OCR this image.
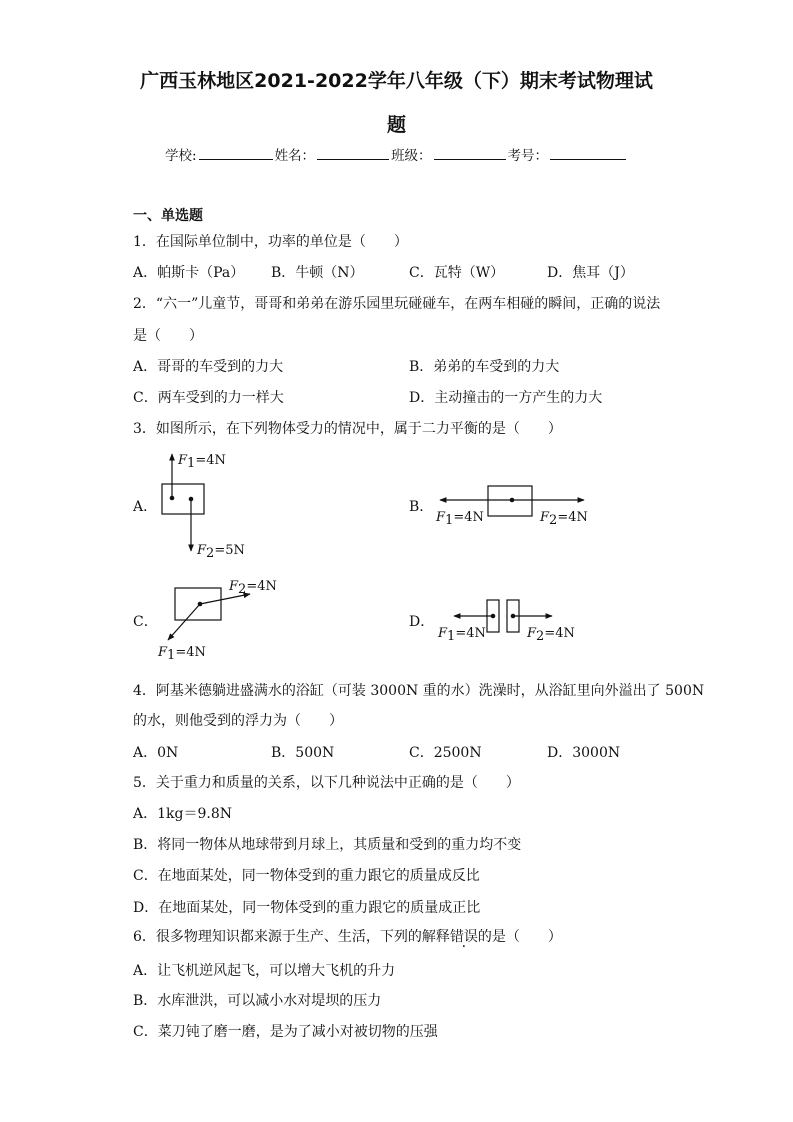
广西玉林地区2021-2022学年八年级（下）期末考试物理试
题
学校:	姓名：	班级：	考号：
一、单选题
1．在国际单位制中，功率的单位是（　　）
A．帕斯卡（Pa） B．牛顿（N）	C．瓦特（W）	D．焦耳（J）
2．“六一”儿童节，哥哥和弟弟在游乐园里玩碰碰车，在两车相碰的瞬间，正确的说法
是（　　）
A．哥哥的车受到的力大	B．弟弟的车受到的力大
C．两车受到的力一样大	D．主动撞击的一方产生的力大
3．如图所示，在下列物体受力的情况中，属于二力平衡的是（　　）
A．	B．
C．	D．
F1=4N
F2=5N
F1=4N	F2=4N
F2=4N
F1=4N
F1=4N	F2=4N
4．阿基米德躺进盛满水的浴缸（可装 3000N 重的水）洗澡时，从浴缸里向外溢出了 500N
的水，则他受到的浮力为（　　）
A．0N	B．500N	C．2500N	D．3000N
5．关于重力和质量的关系，以下几种说法中正确的是（　　）
A．1kg＝9.8N
B．将同一物体从地球带到月球上，其质量和受到的重力均不变
C．在地面某处，同一物体受到的重力跟它的质量成反比
D．在地面某处，同一物体受到的重力跟它的质量成正比
6．很多物理知识都来源于生产、生活，下列的解释错误的是（　　）
A．让飞机逆风起飞，可以增大飞机的升力
B．水库泄洪，可以减小水对堤坝的压力
C．菜刀钝了磨一磨，是为了减小对被切物的压强
